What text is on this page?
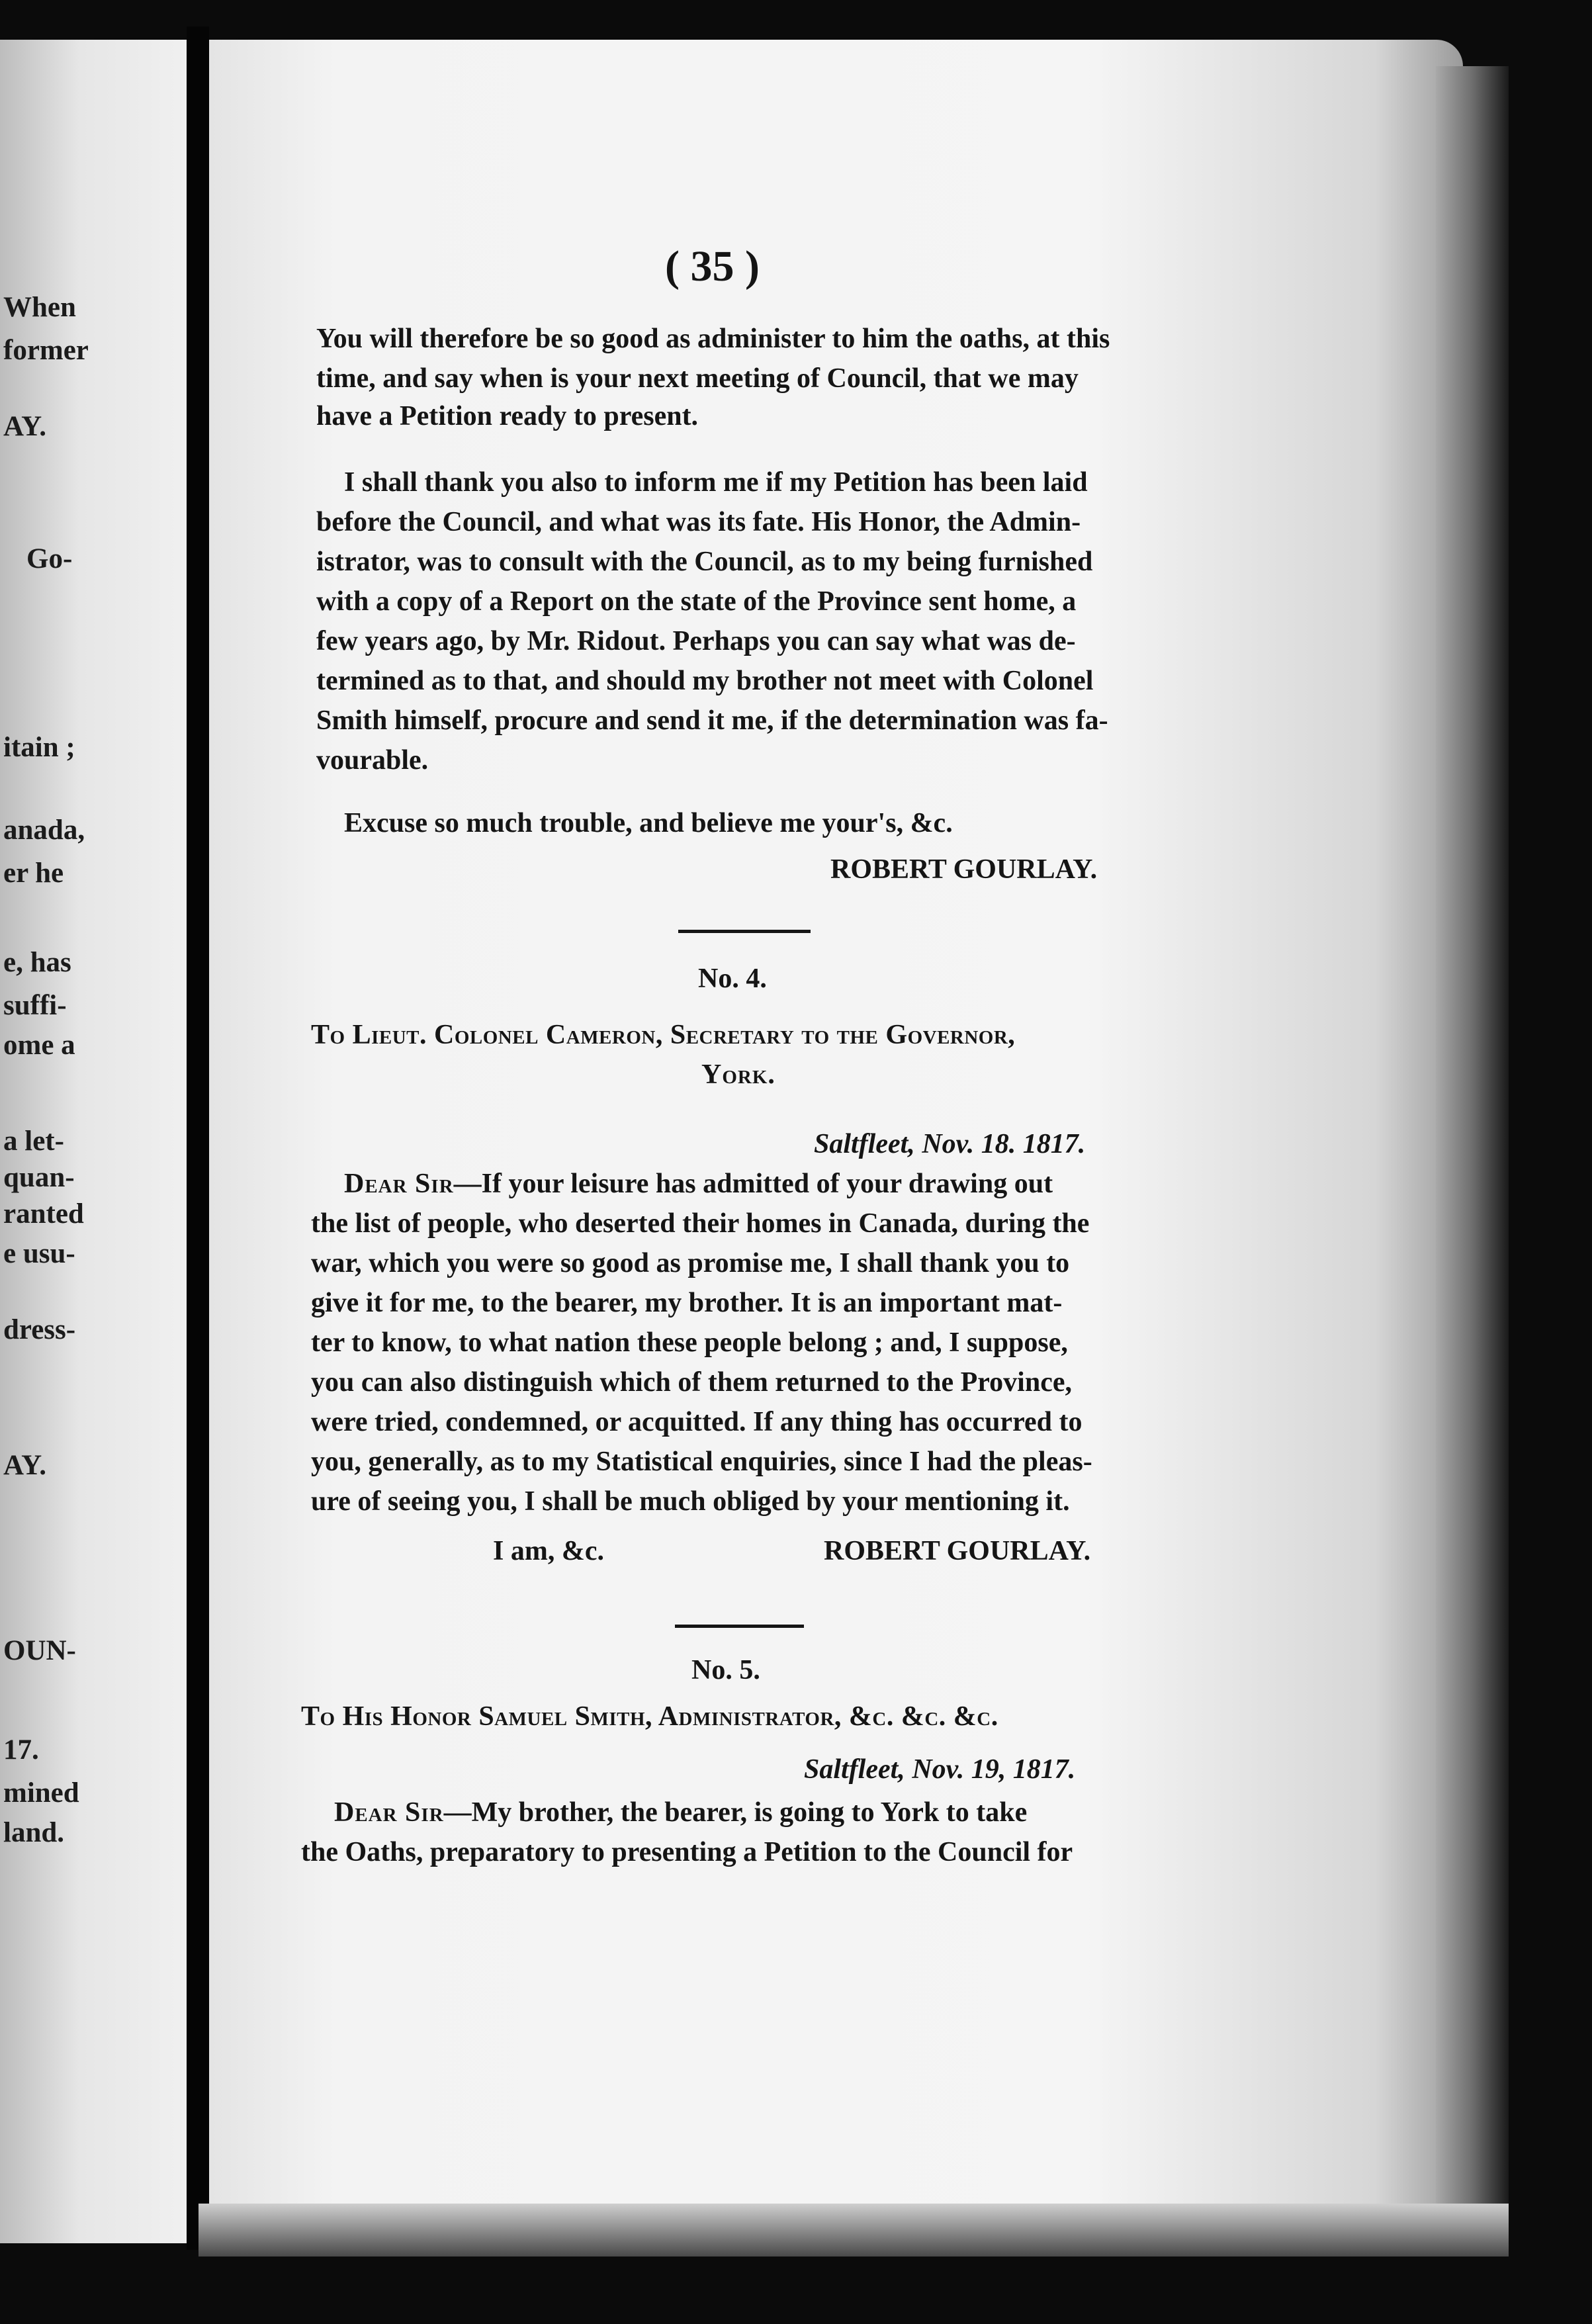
When
former
AY.
Go-
itain ;
anada,
er he
e, has
suffi-
ome a
a let-
quan-
ranted
e usu-
dress-
AY.
OUN-
17.
mined
land.
( 35 )
You will therefore be so good as administer to him the oaths, at this
time, and say when is your next meeting of Council, that we may
have a Petition ready to present.
I shall thank you also to inform me if my Petition has been laid
before the Council, and what was its fate. His Honor, the Admin-
istrator, was to consult with the Council, as to my being furnished
with a copy of a Report on the state of the Province sent home, a
few years ago, by Mr. Ridout. Perhaps you can say what was de-
termined as to that, and should my brother not meet with Colonel
Smith himself, procure and send it me, if the determination was fa-
vourable.
Excuse so much trouble, and believe me your's, &c.
ROBERT GOURLAY.
No. 4.
To Lieut. Colonel Cameron, Secretary to the Governor,
York.
Saltfleet, Nov. 18. 1817.
Dear Sir—If your leisure has admitted of your drawing out
the list of people, who deserted their homes in Canada, during the
war, which you were so good as promise me, I shall thank you to
give it for me, to the bearer, my brother. It is an important mat-
ter to know, to what nation these people belong ; and, I suppose,
you can also distinguish which of them returned to the Province,
were tried, condemned, or acquitted. If any thing has occurred to
you, generally, as to my Statistical enquiries, since I had the pleas-
ure of seeing you, I shall be much obliged by your mentioning it.
I am, &c.	ROBERT GOURLAY.
No. 5.
To His Honor Samuel Smith, Administrator, &c. &c. &c.
Saltfleet, Nov. 19, 1817.
Dear Sir—My brother, the bearer, is going to York to take
the Oaths, preparatory to presenting a Petition to the Council for
